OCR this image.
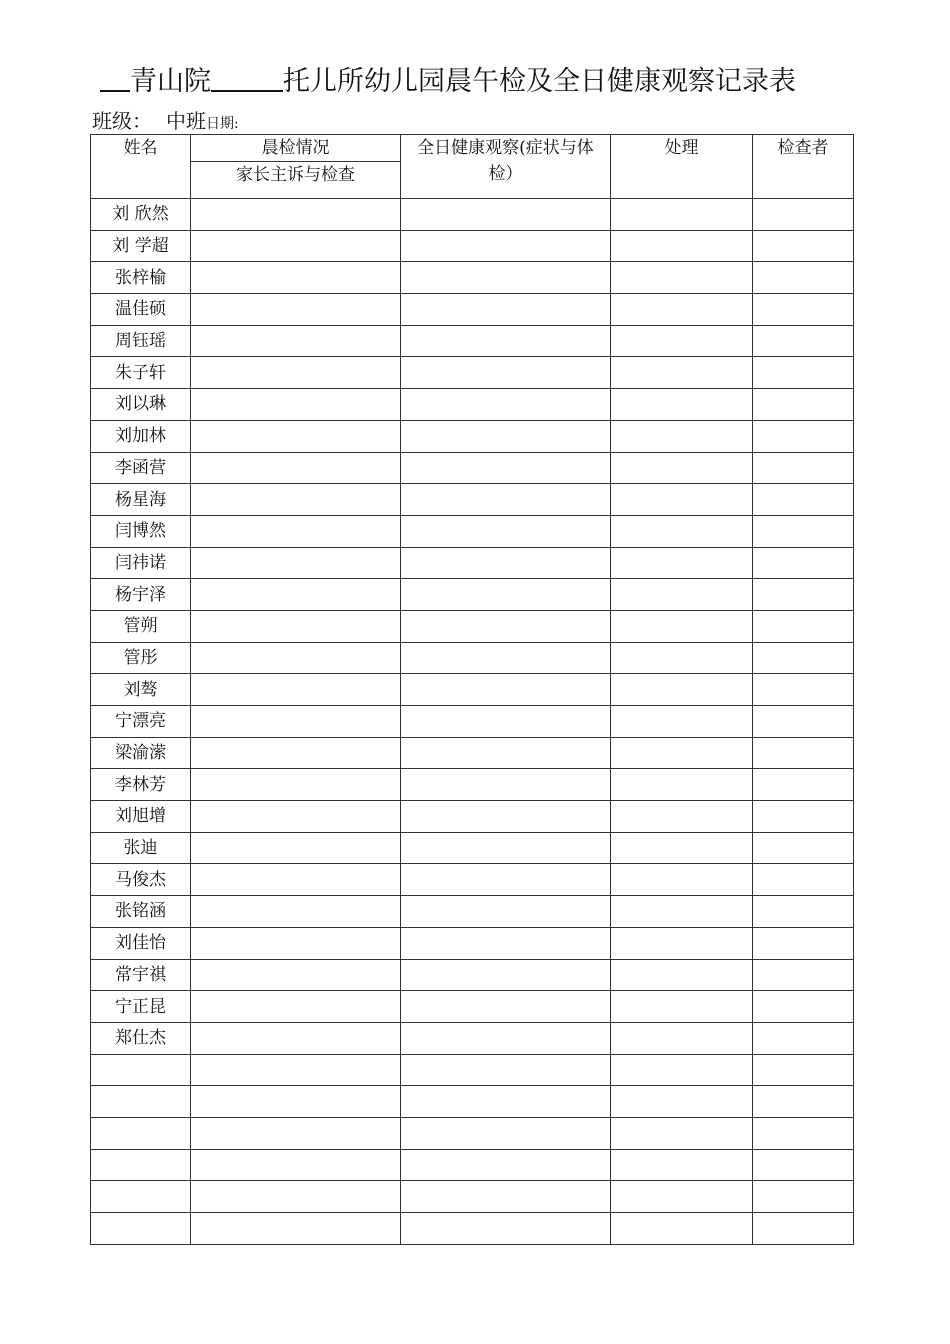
青山院	托儿所幼儿园晨午检及全日健康观察记录表
班级： 中班日期:
姓名	晨检情况	全日健康观察(症状与体检）	处理	检查者
	家长主诉与检查			
刘 欣然				
刘 学超				
张梓榆				
温佳硕				
周钰瑶				
朱子轩				
刘以琳				
刘加林				
李函营				
杨星海				
闫博然				
闫祎诺				
杨宇泽				
管朔				
管彤				
刘骜				
宁漂亮				
梁渝潆				
李林芳				
刘旭增				
张迪				
马俊杰				
张铭涵				
刘佳怡				
常宇祺				
宁正昆				
郑仕杰				
